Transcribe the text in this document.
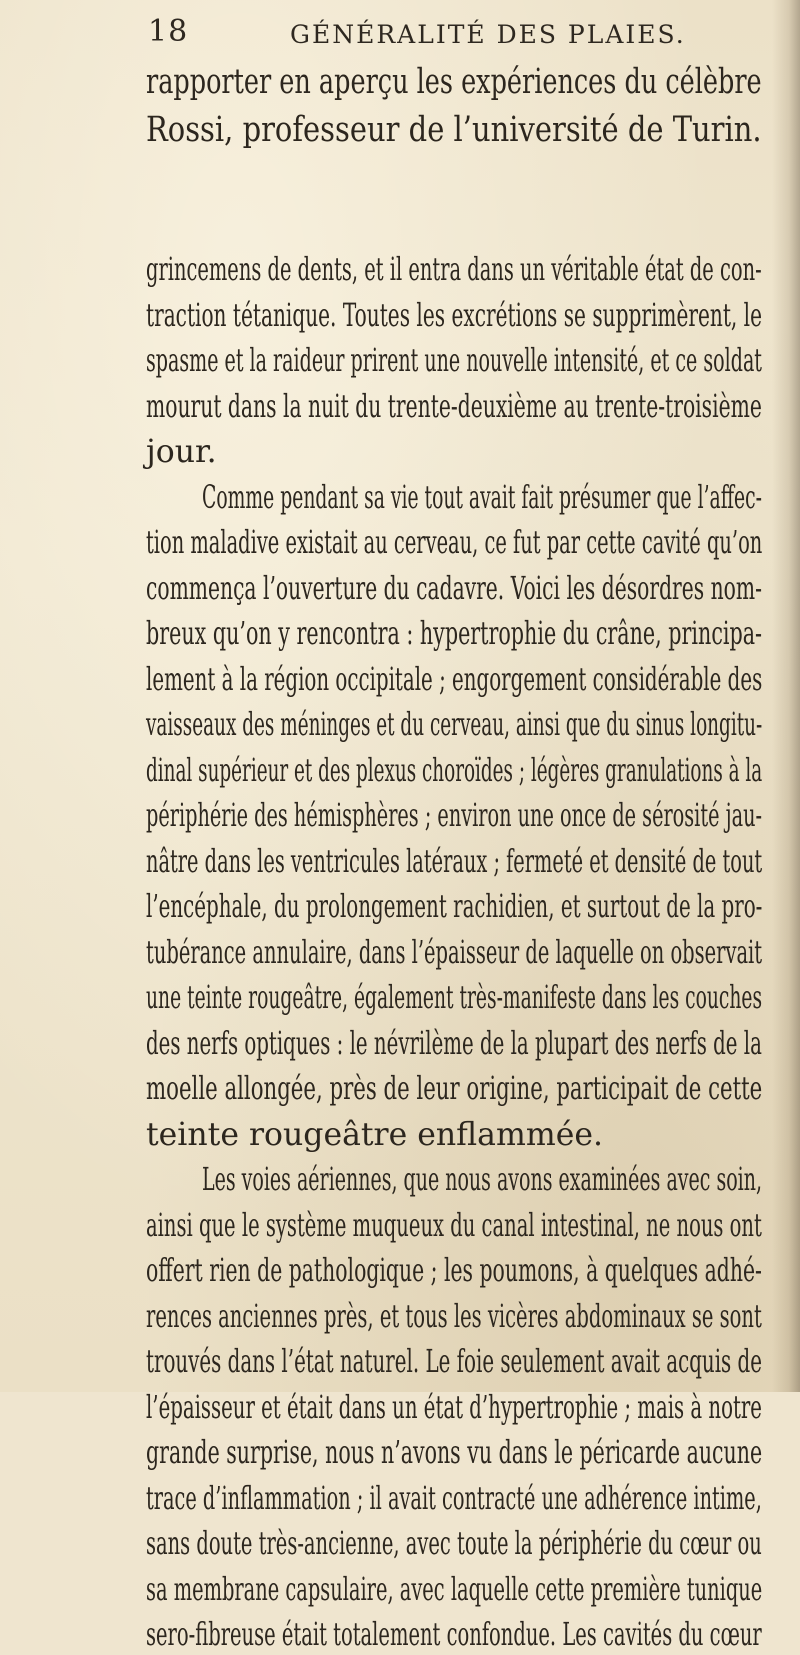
18	GÉNÉRALITÉ DES PLAIES.
rapporter en aperçu les expériences du célèbre
Rossi, professeur de l’université de Turin.
grincemens de dents, et il entra dans un véritable état de con-
traction tétanique. Toutes les excrétions se supprimèrent, le
spasme et la raideur prirent une nouvelle intensité, et ce soldat
mourut dans la nuit du trente-deuxième au trente-troisième
jour.
Comme pendant sa vie tout avait fait présumer que l’affec-
tion maladive existait au cerveau, ce fut par cette cavité qu’on
commença l’ouverture du cadavre. Voici les désordres nom-
breux qu’on y rencontra : hypertrophie du crâne, principa-
lement à la région occipitale ; engorgement considérable des
vaisseaux des méninges et du cerveau, ainsi que du sinus longitu-
dinal supérieur et des plexus choroïdes ; légères granulations à la
périphérie des hémisphères ; environ une once de sérosité jau-
nâtre dans les ventricules latéraux ; fermeté et densité de tout
l’encéphale, du prolongement rachidien, et surtout de la pro-
tubérance annulaire, dans l’épaisseur de laquelle on observait
une teinte rougeâtre, également très-manifeste dans les couches
des nerfs optiques : le névrilème de la plupart des nerfs de la
moelle allongée, près de leur origine, participait de cette
teinte rougeâtre enflammée.
Les voies aériennes, que nous avons examinées avec soin,
ainsi que le système muqueux du canal intestinal, ne nous ont
offert rien de pathologique ; les poumons, à quelques adhé-
rences anciennes près, et tous les vicères abdominaux se sont
trouvés dans l’état naturel. Le foie seulement avait acquis de
l’épaisseur et était dans un état d’hypertrophie ; mais à notre
grande surprise, nous n’avons vu dans le péricarde aucune
trace d’inflammation ; il avait contracté une adhérence intime,
sans doute très-ancienne, avec toute la périphérie du cœur ou
sa membrane capsulaire, avec laquelle cette première tunique
sero-fibreuse était totalement confondue. Les cavités du cœur
